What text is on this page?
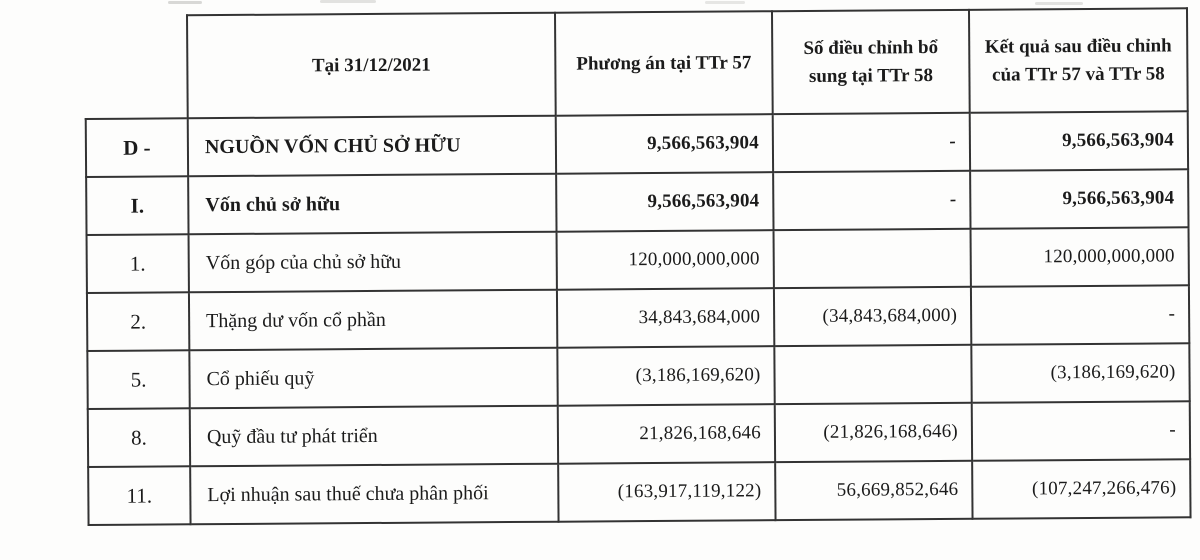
	Tại 31/12/2021	Phương án tại TTr 57	Số điều chỉnh bổ sung tại TTr 58	Kết quả sau điều chỉnh của TTr 57 và TTr 58
D -	NGUỒN VỐN CHỦ SỞ HỮU	9,566,563,904	-	9,566,563,904
I.	Vốn chủ sở hữu	9,566,563,904	-	9,566,563,904
1.	Vốn góp của chủ sở hữu	120,000,000,000		120,000,000,000
2.	Thặng dư vốn cổ phần	34,843,684,000	(34,843,684,000)	-
5.	Cổ phiếu quỹ	(3,186,169,620)		(3,186,169,620)
8.	Quỹ đầu tư phát triển	21,826,168,646	(21,826,168,646)	-
11.	Lợi nhuận sau thuế chưa phân phối	(163,917,119,122)	56,669,852,646	(107,247,266,476)
